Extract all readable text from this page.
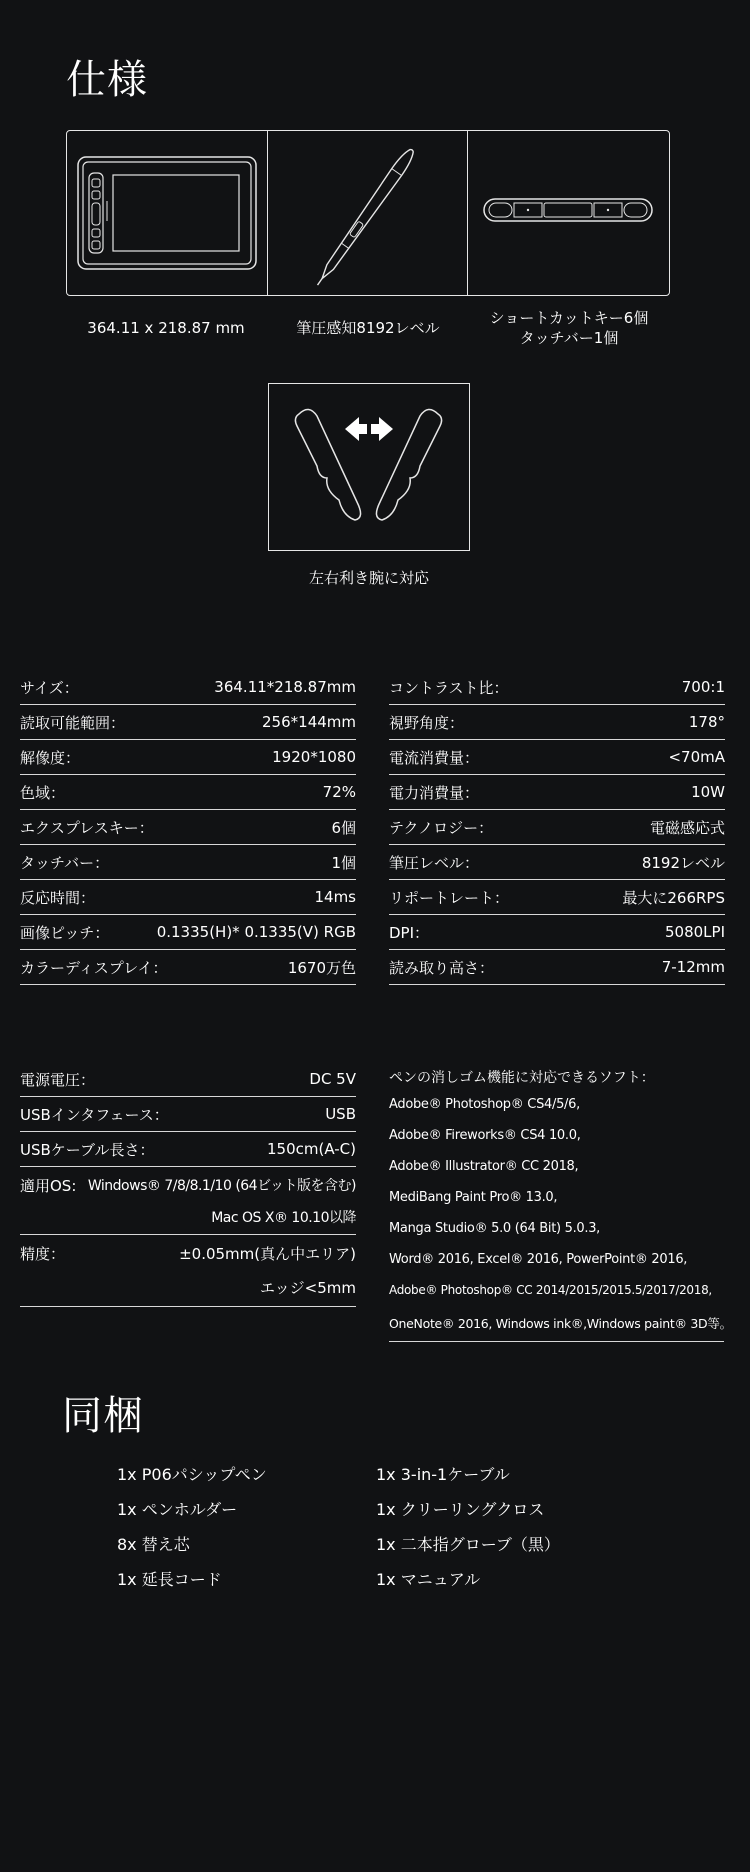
仕様
364.11 x 218.87 mm	筆圧感知8192レベル
ショートカットキー6個
タッチバー1個
左右利き腕に対応
サイズ：	364.11*218.87mm
読取可能範囲：	256*144mm
解像度：	1920*1080
色域：	72%
エクスプレスキー：	6個
タッチバー：	1個
反応時間：	14ms
画像ピッチ：	0.1335(H)* 0.1335(V) RGB
カラーディスプレイ：	1670万色
コントラスト比：	700:1
視野角度：	178°
電流消費量：	<70mA
電力消費量：	10W
テクノロジー：	電磁感応式
筆圧レベル：	8192レベル
リポートレート：	最大に266RPS
DPI：	5080LPI
読み取り高さ：	7-12mm
電源電圧：	DC 5V
USBインタフェース：	USB
USBケーブル長さ：	150cm(A-C)
適用OS: Windows® 7/8/8.1/10 (64ビット版を含む)
Mac OS X® 10.10以降
精度：	±0.05mm(真ん中エリア)
エッジ<5mm
ペンの消しゴム機能に対応できるソフト：
Adobe® Photoshop® CS4/5/6,
Adobe® Fireworks® CS4 10.0,
Adobe® Illustrator® CC 2018,
MediBang Paint Pro® 13.0,
Manga Studio® 5.0 (64 Bit) 5.0.3,
Word® 2016, Excel® 2016, PowerPoint® 2016,
Adobe® Photoshop® CC 2014/2015/2015.5/2017/2018,
OneNote® 2016, Windows ink®,Windows paint® 3D等。
同梱
1x P06パシップペン
1x ペンホルダー
8x 替え芯
1x 延長コード
1x 3-in-1ケーブル
1x クリーリングクロス
1x 二本指グローブ（黒）
1x マニュアル
